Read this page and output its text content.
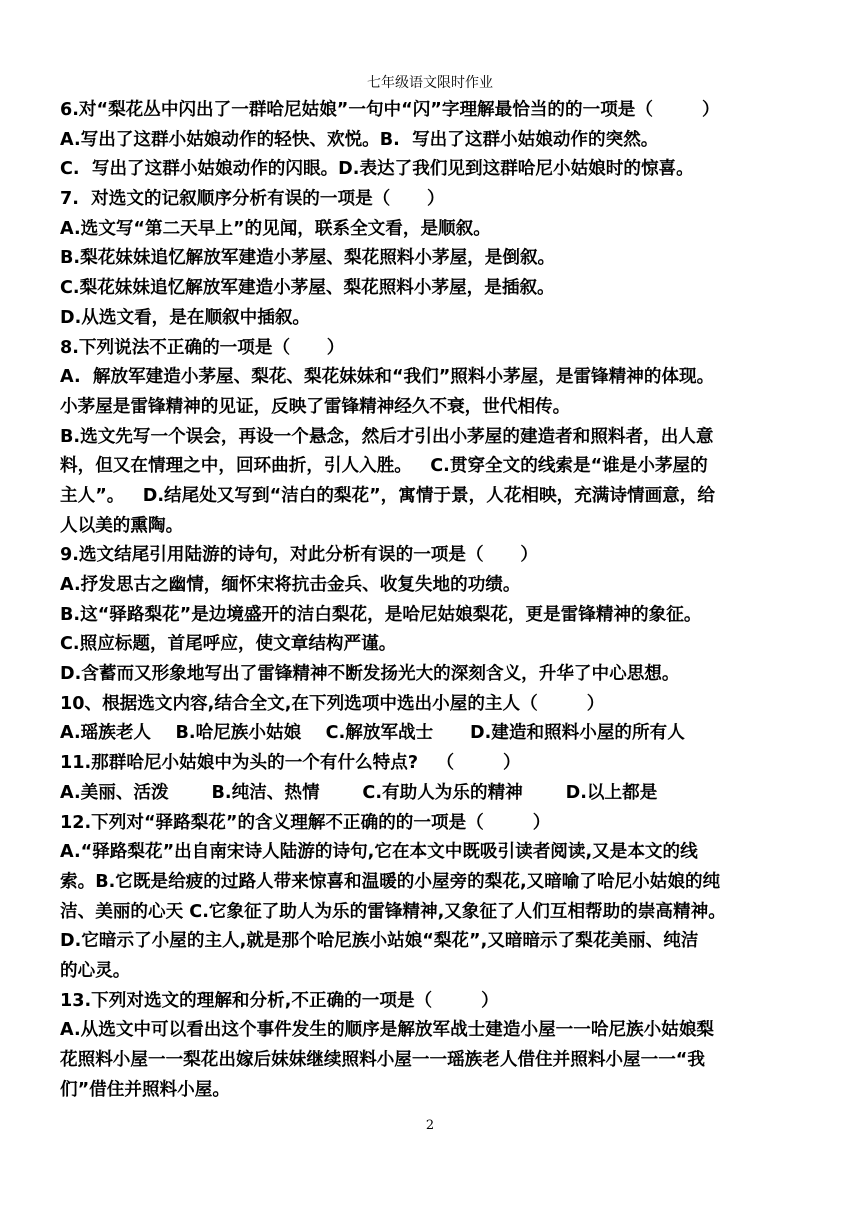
七年级语文限时作业
6.对“梨花丛中闪出了一群哈尼姑娘”一句中“闪”字理解最恰当的的一项是（        ）
A.写出了这群小姑娘动作的轻快、欢悦。B.  写出了这群小姑娘动作的突然。
C.  写出了这群小姑娘动作的闪眼。D.表达了我们见到这群哈尼小姑娘时的惊喜。
7.  对选文的记叙顺序分析有误的一项是（      ）
A.选文写“第二天早上”的见闻，联系全文看，是顺叙。
B.梨花妹妹追忆解放军建造小茅屋、梨花照料小茅屋，是倒叙。
C.梨花妹妹追忆解放军建造小茅屋、梨花照料小茅屋，是插叙。
D.从选文看，是在顺叙中插叙。
8.下列说法不正确的一项是（      ）
A.  解放军建造小茅屋、梨花、梨花妹妹和“我们”照料小茅屋，是雷锋精神的体现。
小茅屋是雷锋精神的见证，反映了雷锋精神经久不衰，世代相传。
B.选文先写一个误会，再设一个悬念，然后才引出小茅屋的建造者和照料者，出人意
料，但又在情理之中，回环曲折，引人入胜。   C.贯穿全文的线索是“谁是小茅屋的
主人”。   D.结尾处又写到“洁白的梨花”，寓情于景，人花相映，充满诗情画意，给
人以美的熏陶。
9.选文结尾引用陆游的诗句，对此分析有误的一项是（      ）
A.抒发思古之幽情，缅怀宋将抗击金兵、收复失地的功绩。
B.这“驿路梨花”是边境盛开的洁白梨花，是哈尼姑娘梨花，更是雷锋精神的象征。
C.照应标题，首尾呼应，使文章结构严谨。
D.含蓄而又形象地写出了雷锋精神不断发扬光大的深刻含义，升华了中心思想。
10、根据选文内容,结合全文,在下列选项中选出小屋的主人（        ）
A.瑶族老人    B.哈尼族小姑娘    C.解放军战士      D.建造和照料小屋的所有人
11.那群哈尼小姑娘中为头的一个有什么特点?   （        ）
A.美丽、活泼       B.纯洁、热情       C.有助人为乐的精神       D.以上都是
12.下列对“驿路梨花”的含义理解不正确的的一项是（        ）
A.“驿路梨花”出自南宋诗人陆游的诗句,它在本文中既吸引读者阅读,又是本文的线
索。B.它既是给疲的过路人带来惊喜和温暖的小屋旁的梨花,又暗喻了哈尼小姑娘的纯
洁、美丽的心天 C.它象征了助人为乐的雷锋精神,又象征了人们互相帮助的崇高精神。
D.它暗示了小屋的主人,就是那个哈尼族小站娘“梨花”,又暗暗示了梨花美丽、纯洁
的心灵。
13.下列对选文的理解和分析,不正确的一项是（        ）
A.从选文中可以看出这个事件发生的顺序是解放军战士建造小屋一一哈尼族小姑娘梨
花照料小屋一一梨花出嫁后妹妹继续照料小屋一一瑶族老人借住并照料小屋一一“我
们”借住并照料小屋。
2
